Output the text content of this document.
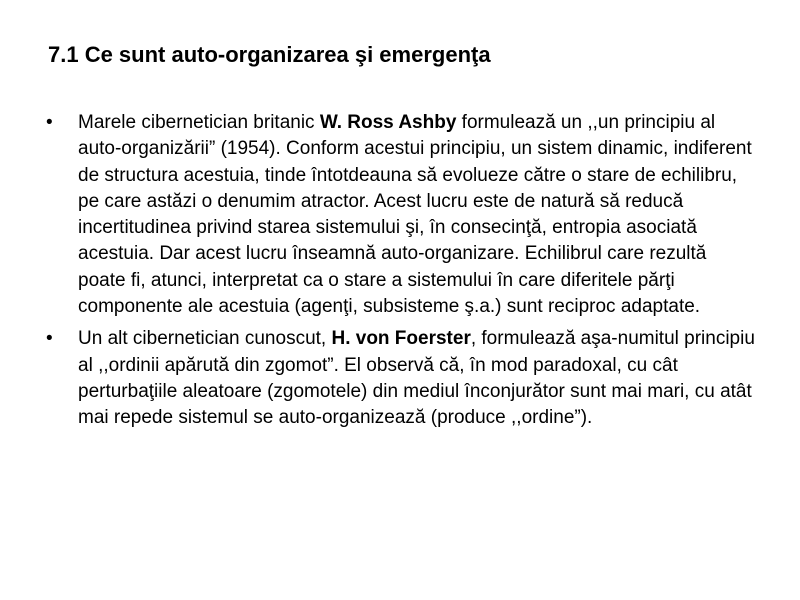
7.1 Ce sunt auto-organizarea şi emergenţa
• Marele cibernetician britanic W. Ross Ashby formulează un ,,un principiu al auto-organizării” (1954). Conform acestui principiu, un sistem dinamic, indiferent de structura acestuia, tinde întotdeauna să evolueze către o stare de echilibru, pe care astăzi o denumim atractor. Acest lucru este de natură să reducă incertitudinea privind starea sistemului şi, în consecinţă, entropia asociată acestuia. Dar acest lucru înseamnă auto-organizare. Echilibrul care rezultă poate fi, atunci, interpretat ca o stare a sistemului în care diferitele părţi componente ale acestuia (agenţi, subsisteme ş.a.) sunt reciproc adaptate.
• Un alt cibernetician cunoscut, H. von Foerster, formulează aşa-numitul principiu al ,,ordinii apărută din zgomot”. El observă că, în mod paradoxal, cu cât perturbaţiile aleatoare (zgomotele) din mediul înconjurător sunt mai mari, cu atât mai repede sistemul se auto-organizează (produce ,,ordine”).
